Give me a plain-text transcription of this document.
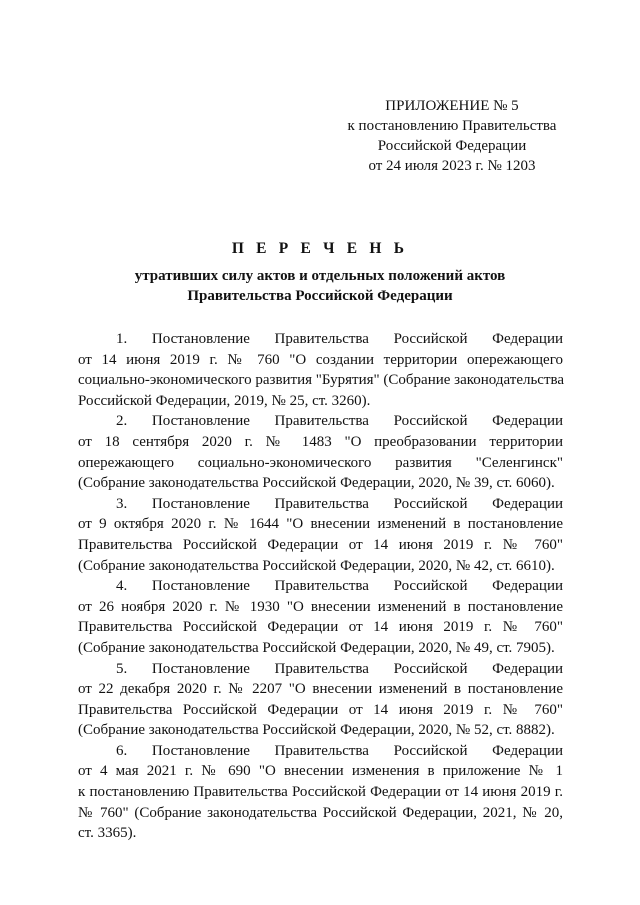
ПРИЛОЖЕНИЕ № 5
к постановлению Правительства
Российской Федерации
от 24 июля 2023 г. № 1203
П Е Р Е Ч Е Н Ь
утративших силу актов и отдельных положений актов
Правительства Российской Федерации
1. Постановление Правительства Российской Федерации
от 14 июня 2019 г. № 760 "О создании территории опережающего
социально-экономического развития "Бурятия" (Собрание законодательства
Российской Федерации, 2019, № 25, ст. 3260).
2. Постановление Правительства Российской Федерации
от 18 сентября 2020 г. № 1483 "О преобразовании территории
опережающего социально-экономического развития "Селенгинск"
(Собрание законодательства Российской Федерации, 2020, № 39, ст. 6060).
3. Постановление Правительства Российской Федерации
от 9 октября 2020 г. № 1644 "О внесении изменений в постановление
Правительства Российской Федерации от 14 июня 2019 г. № 760"
(Собрание законодательства Российской Федерации, 2020, № 42, ст. 6610).
4. Постановление Правительства Российской Федерации
от 26 ноября 2020 г. № 1930 "О внесении изменений в постановление
Правительства Российской Федерации от 14 июня 2019 г. № 760"
(Собрание законодательства Российской Федерации, 2020, № 49, ст. 7905).
5. Постановление Правительства Российской Федерации
от 22 декабря 2020 г. № 2207 "О внесении изменений в постановление
Правительства Российской Федерации от 14 июня 2019 г. № 760"
(Собрание законодательства Российской Федерации, 2020, № 52, ст. 8882).
6. Постановление Правительства Российской Федерации
от 4 мая 2021 г. № 690 "О внесении изменения в приложение № 1
к постановлению Правительства Российской Федерации от 14 июня 2019 г.
№ 760" (Собрание законодательства Российской Федерации, 2021, № 20,
ст. 3365).
